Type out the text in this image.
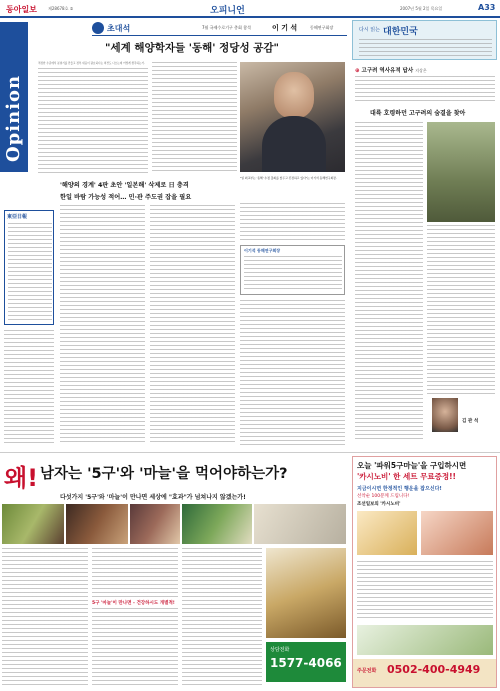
동아일보	제28678호 ②	오피니언	2007년 5월 2일 목요일	A33
Opinion
초대석	7월 국제수로기구 총회 참석	이 기 석	동해연구회장
"세계 해양학자들 '동해' 정당성 공감"
적정한 수준에서 분위기를 만들고 정부 대응이 필요하다는 의견도 나오는데 어떻게 생각하는가.
'해양의 경계' 4판 초안 '일본해' 삭제로 日 충격
한일 바람 가능성 적어… 민·관 주도권 잡을 필요
東亞日報
"일 외교부는 '동해' 수정 총회를 앞두고 긴장하고 있다"는 이기석 동해연구회장.
이기석 동해연구회장
다시 읽는 대한민국
⊕ 고구려 역사유적 답사 지상은
대륙 호령하던 고구려의 숨결을 찾아
김 관 석
왜! 남자는 '5구'와 '마늘'을 먹어야하는가?
다섯가지 '5구'와 '마늘'이 만나면 세상에 "효과"가 넘쳐나지 않겠는가!
5구 '마늘'이 만나면 - 건강하시도 개별적!
상담전화
1577-4066
오늘 '파워5구마늘'을 구입하시면
'카시노비' 한 세트 무료증정!!
지금이시면 한정적인 행운을 잡으신다!
선착순 100분께 드립니다!
조선일보의 '카시노비'
주문전화 0502-400-4949
